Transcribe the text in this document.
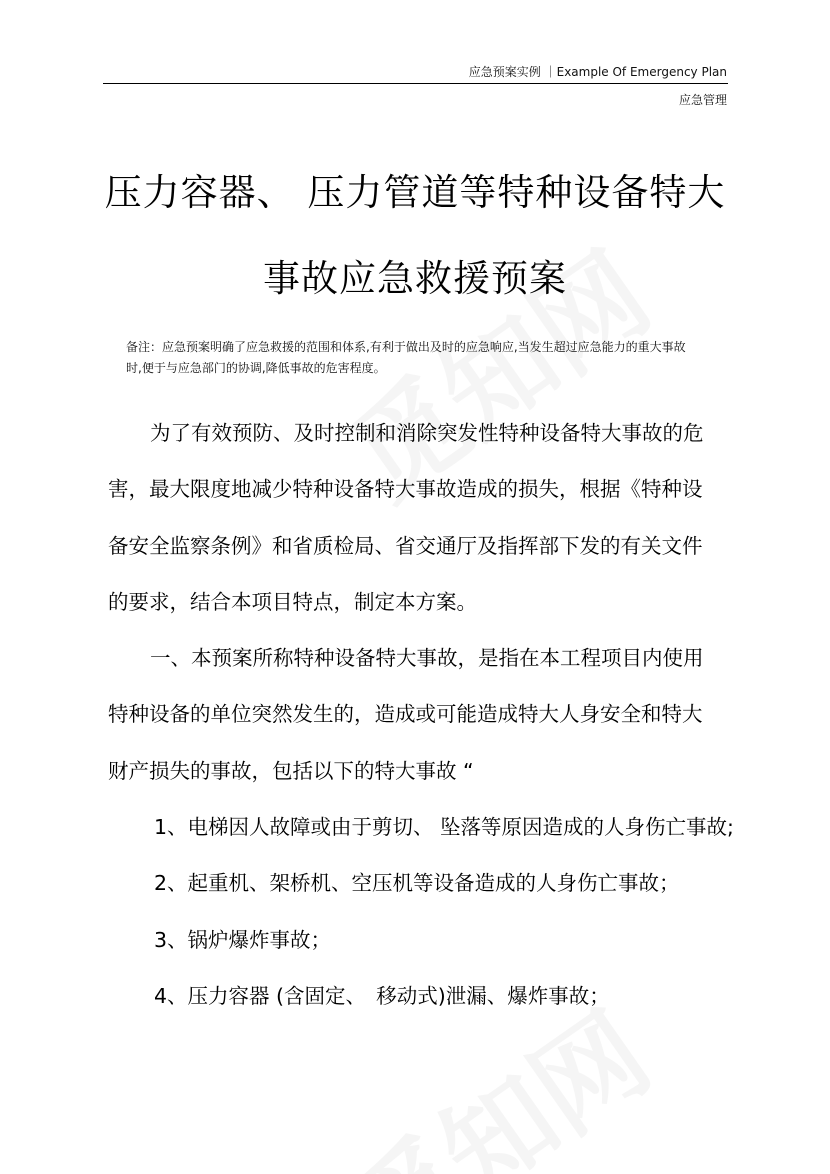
应急预案实例 ｜Example Of Emergency Plan
应急管理
压力容器、 压力管道等特种设备特大
事故应急救援预案
备注：应急预案明确了应急救援的范围和体系,有利于做出及时的应急响应,当发生超过应急能力的重大事故
时,便于与应急部门的协调,降低事故的危害程度。
为了有效预防、及时控制和消除突发性特种设备特大事故的危
害，最大限度地减少特种设备特大事故造成的损失，根据《特种设
备安全监察条例》和省质检局、省交通厅及指挥部下发的有关文件
的要求，结合本项目特点，制定本方案。
一、本预案所称特种设备特大事故，是指在本工程项目内使用
特种设备的单位突然发生的，造成或可能造成特大人身安全和特大
财产损失的事故，包括以下的特大事故 “
1、电梯因人故障或由于剪切、 坠落等原因造成的人身伤亡事故;
2、起重机、架桥机、空压机等设备造成的人身伤亡事故；
3、锅炉爆炸事故；
4、压力容器 (含固定、　移动式)泄漏、爆炸事故；
